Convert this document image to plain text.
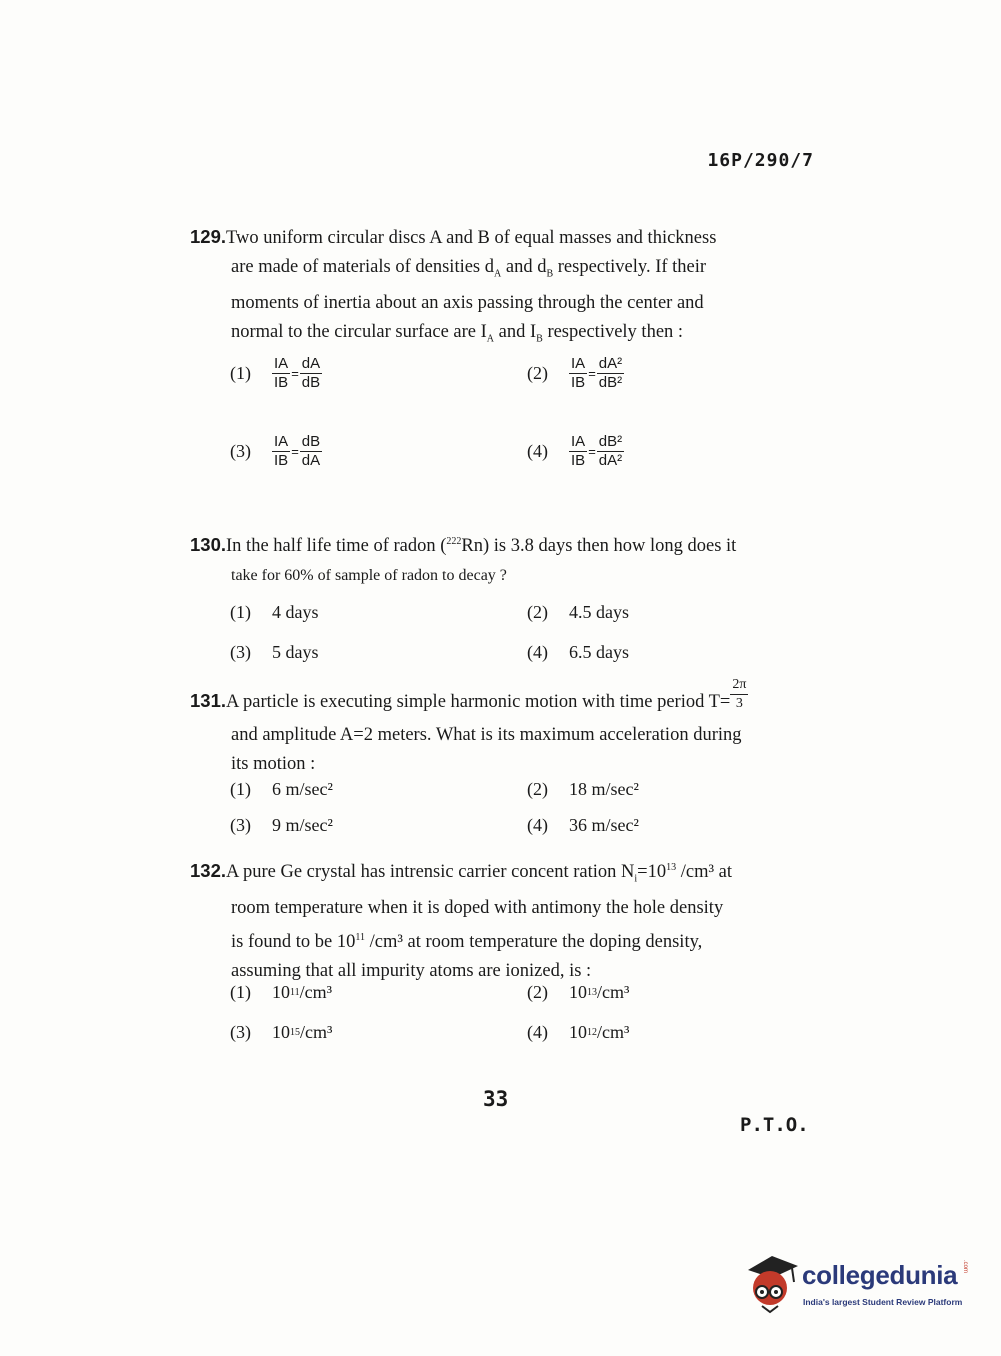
16P/290/7
129.Two uniform circular discs A and B of equal masses and thickness
are made of materials of densities $d_A$ and $d_B$ respectively. If their
moments of inertia about an axis passing through the center and
normal to the circular surface are $I_A$ and $I_B$ respectively then :
(1)	$\frac{IA}{IB} = \frac{dA}{dB}$	(2)	$\frac{IA}{IB} = \frac{\text{dA²}}{\text{dB²}}$
(3)	$\frac{IA}{IB} = \frac{dB}{dA}$	(4)	$\frac{IA}{IB} = \frac{\text{dB²}}{\text{dA²}}$
130.In the half life time of radon ($^{222}$Rn) is 3.8 days then how long does it
take for 60% of sample of radon to decay ?
(1)	4 days	(2)	4.5 days
(3)	5 days	(4)	6.5 days
131.A particle is executing simple harmonic motion with time period $T= \frac{2\pi}{3}$
and amplitude A=2 meters. What is its maximum acceleration during
its motion :
(1)	6 m/sec²	(2)	18 m/sec²
(3)	9 m/sec²	(4)	36 m/sec²
132.A pure Ge crystal has intrensic carrier concent ration $N_i=10^{13}$ /cm³ at
room temperature when it is doped with antimony the hole density
is found to be $10^{11}$ /cm³ at room temperature the doping density,
assuming that all impurity atoms are ionized, is :
(1)	10 11 /cm³	(2)	10 13 /cm³
(3)	10 15 /cm³	(4)	10 12 /cm³
33
P.T.O.
collegedunia .com
India's largest Student Review Platform
